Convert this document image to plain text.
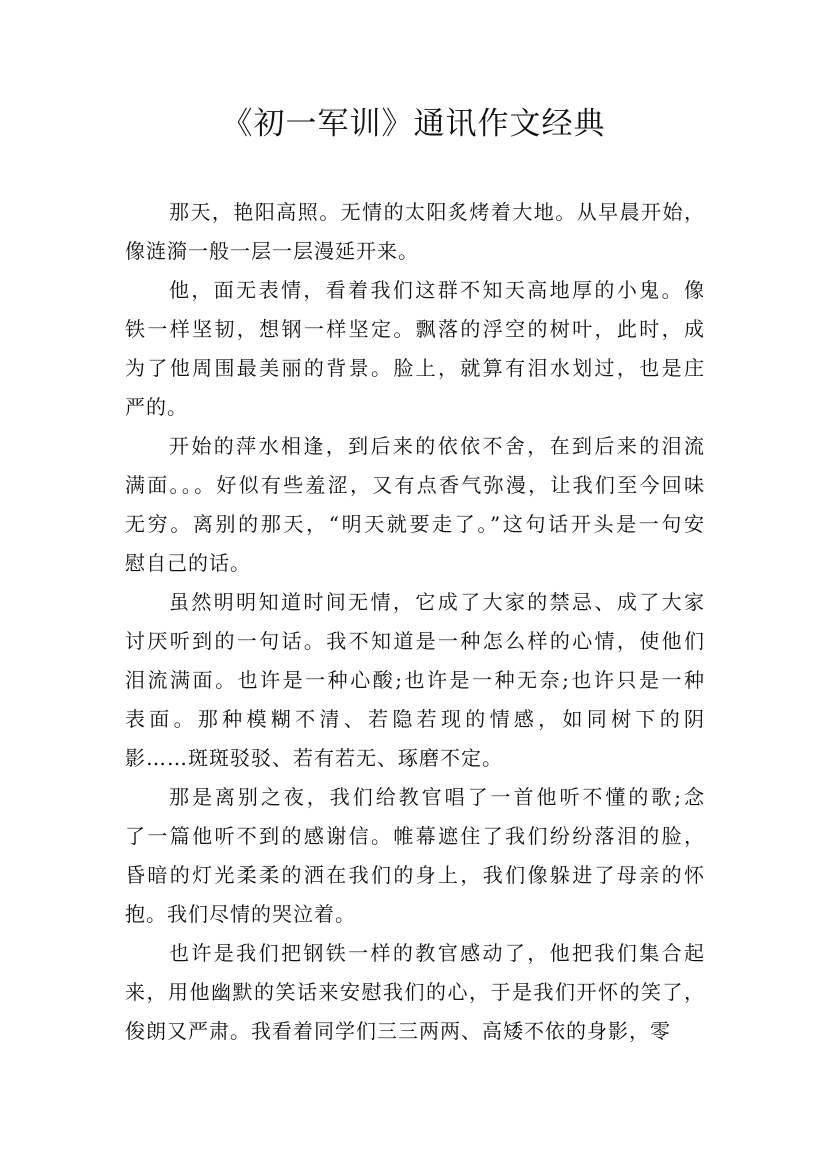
《初一军训》通讯作文经典
那天，艳阳高照。无情的太阳炙烤着大地。从早晨开始，
像涟漪一般一层一层漫延开来。
他，面无表情，看着我们这群不知天高地厚的小鬼。像
铁一样坚韧，想钢一样坚定。飘落的浮空的树叶，此时，成
为了他周围最美丽的背景。脸上，就算有泪水划过，也是庄
严的。
开始的萍水相逢，到后来的依依不舍，在到后来的泪流
满面。。。好似有些羞涩，又有点香气弥漫，让我们至今回味
无穷。离别的那天，“明天就要走了。”这句话开头是一句安
慰自己的话。
虽然明明知道时间无情，它成了大家的禁忌、成了大家
讨厌听到的一句话。我不知道是一种怎么样的心情，使他们
泪流满面。也许是一种心酸;也许是一种无奈;也许只是一种
表面。那种模糊不清、若隐若现的情感，如同树下的阴
影……斑斑驳驳、若有若无、琢磨不定。
那是离别之夜，我们给教官唱了一首他听不懂的歌;念
了一篇他听不到的感谢信。帷幕遮住了我们纷纷落泪的脸，
昏暗的灯光柔柔的洒在我们的身上，我们像躲进了母亲的怀
抱。我们尽情的哭泣着。
也许是我们把钢铁一样的教官感动了，他把我们集合起
来，用他幽默的笑话来安慰我们的心，于是我们开怀的笑了，
俊朗又严肃。我看着同学们三三两两、高矮不依的身影，零
